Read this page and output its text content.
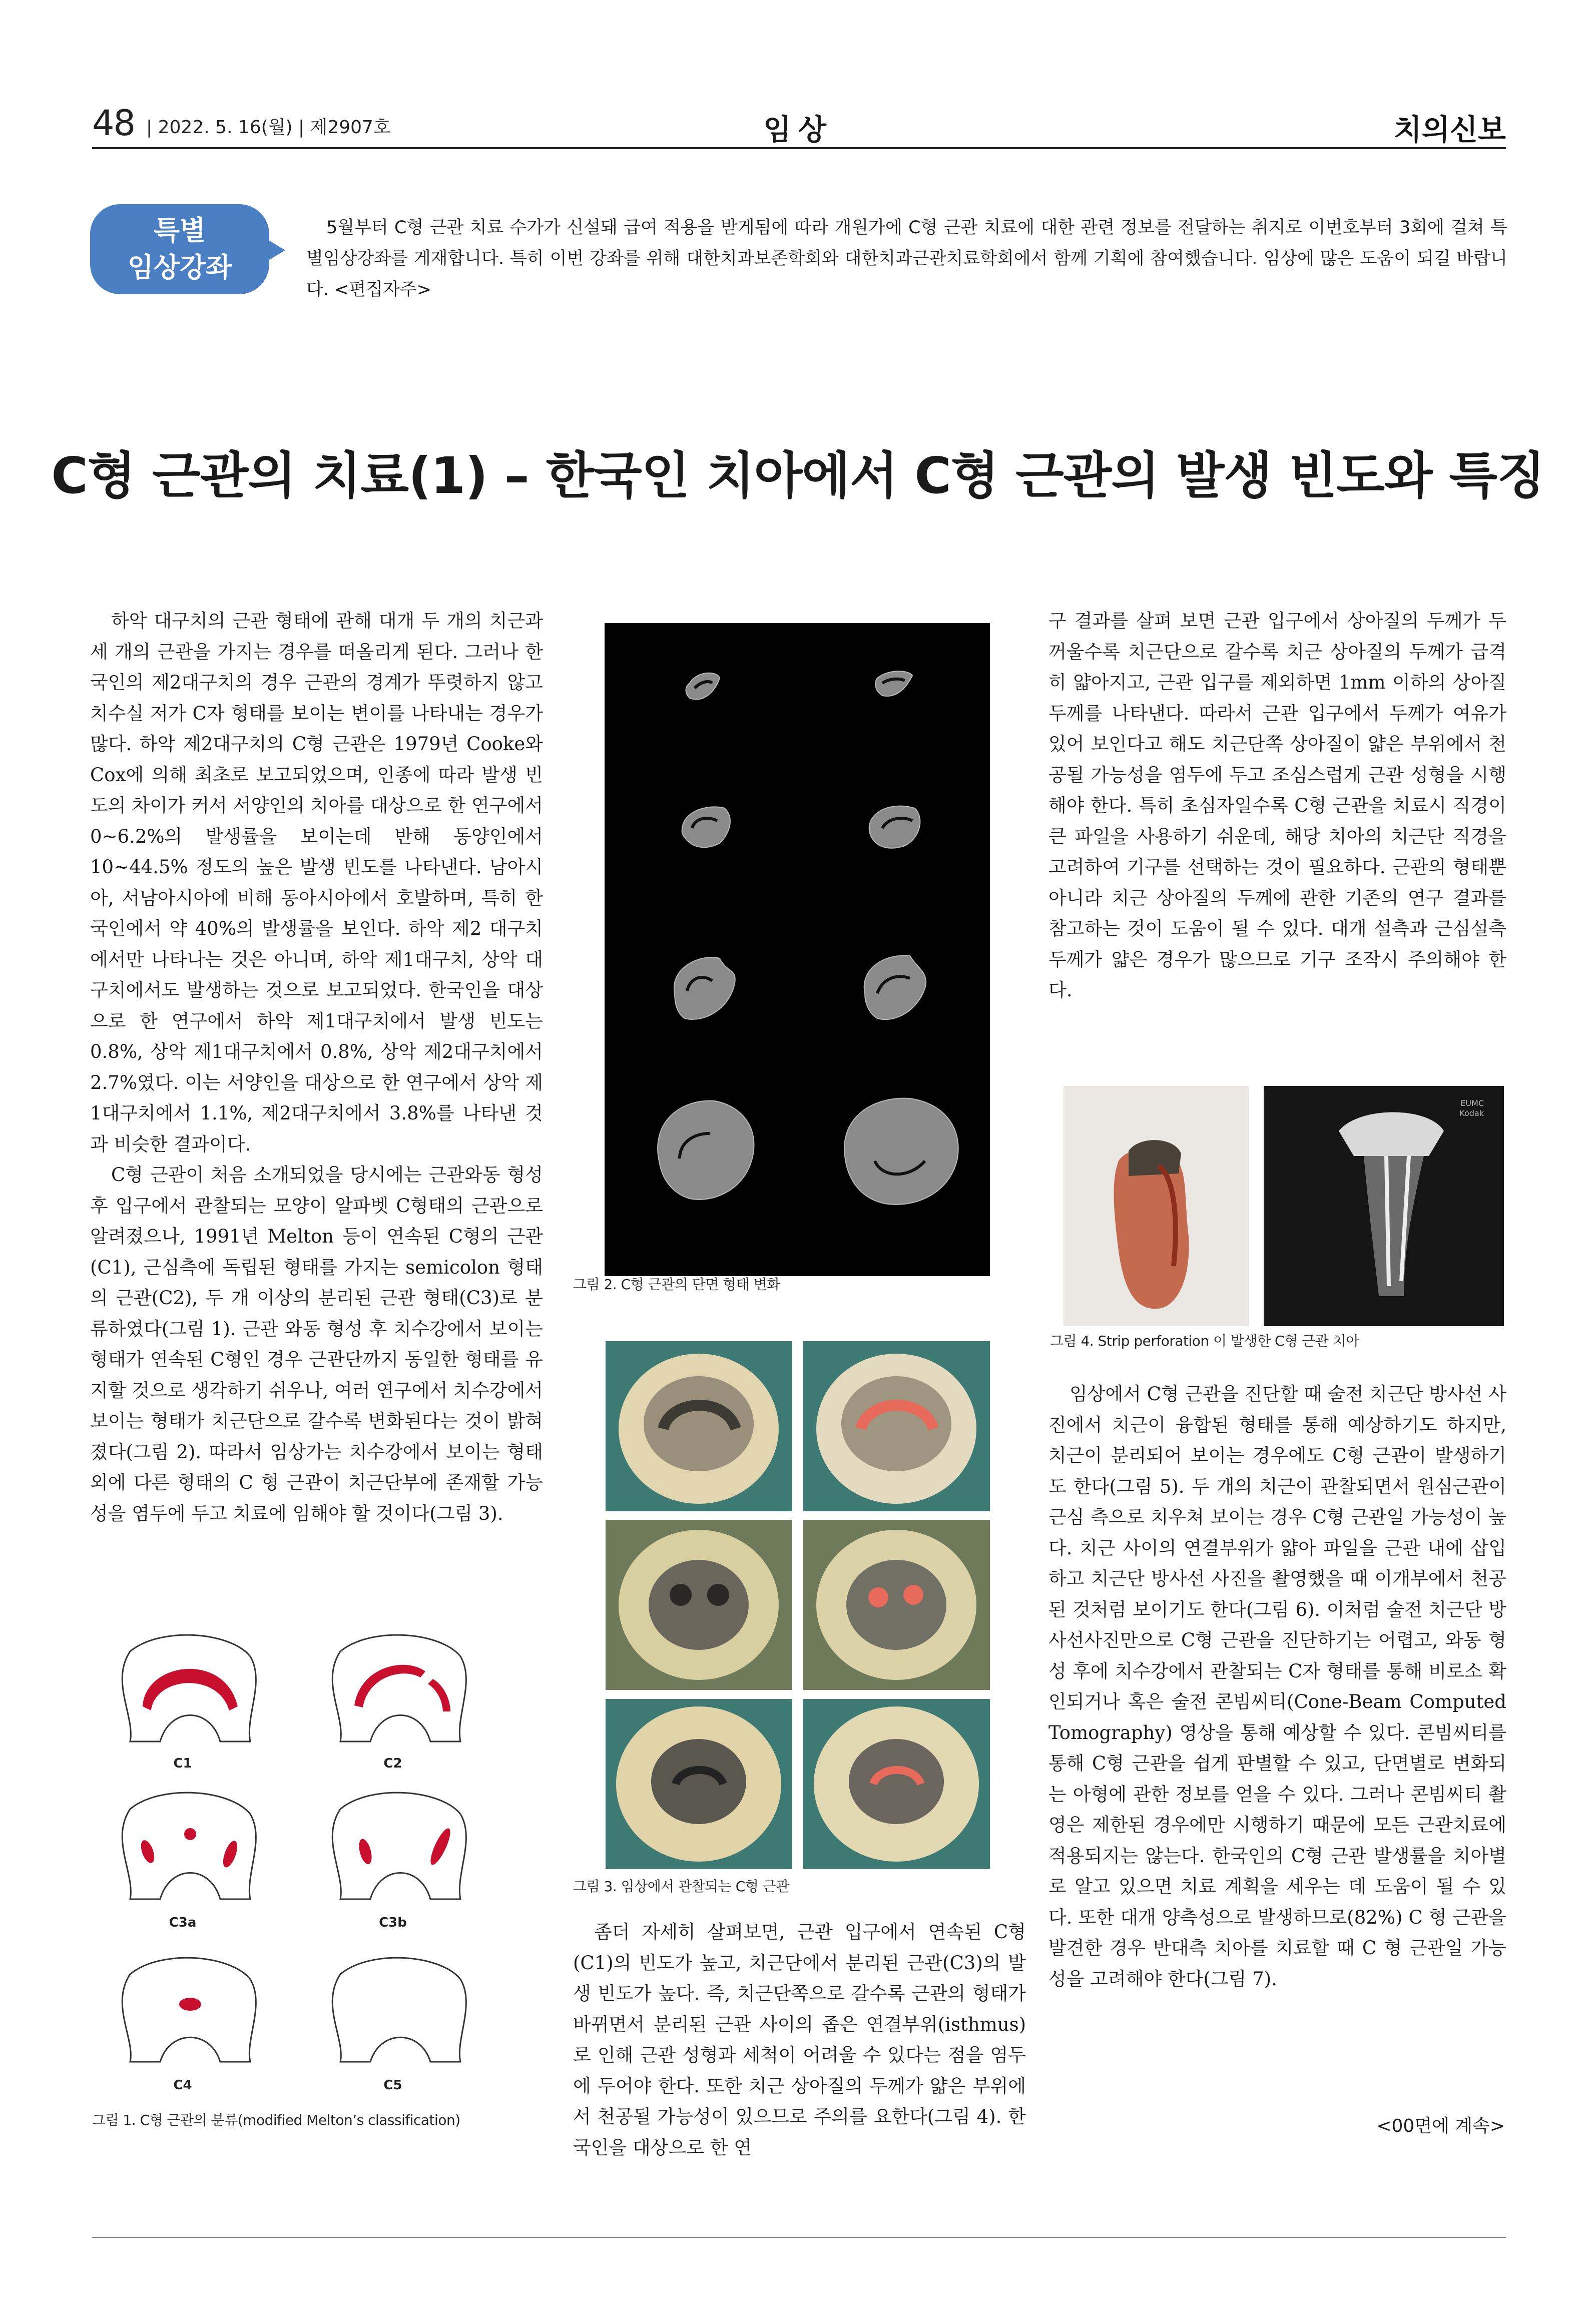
48 | 2022. 5. 16(월) | 제2907호	임상	치의신보
특별
임상강좌
5월부터 C형 근관 치료 수가가 신설돼 급여 적용을 받게됨에 따라 개원가에 C형 근관 치료에 대한 관련 정보를 전달하는 취지로 이번호부터 3회에 걸쳐 특별임상강좌를 게재합니다. 특히 이번 강좌를 위해 대한치과보존학회와 대한치과근관치료학회에서 함께 기획에 참여했습니다. 임상에 많은 도움이 되길 바랍니다. <편집자주>
C형 근관의 치료(1) – 한국인 치아에서 C형 근관의 발생 빈도와 특징

하악 대구치의 근관 형태에 관해 대개 두 개의 치근과 세 개의 근관을 가지는 경우를 떠올리게 된다. 그러나 한국인의 제2대구치의 경우 근관의 경계가 뚜렷하지 않고 치수실 저가 C자 형태를 보이는 변이를 나타내는 경우가 많다. 하악 제2대구치의 C형 근관은 1979년 Cooke와 Cox에 의해 최초로 보고되었으며, 인종에 따라 발생 빈도의 차이가 커서 서양인의 치아를 대상으로 한 연구에서 0~6.2%의 발생률을 보이는데 반해 동양인에서 10~44.5% 정도의 높은 발생 빈도를 나타낸다. 남아시아, 서남아시아에 비해 동아시아에서 호발하며, 특히 한국인에서 약 40%의 발생률을 보인다. 하악 제2 대구치에서만 나타나는 것은 아니며, 하악 제1대구치, 상악 대구치에서도 발생하는 것으로 보고되었다. 한국인을 대상으로 한 연구에서 하악 제1대구치에서 발생 빈도는 0.8%, 상악 제1대구치에서 0.8%, 상악 제2대구치에서 2.7%였다. 이는 서양인을 대상으로 한 연구에서 상악 제1대구치에서 1.1%, 제2대구치에서 3.8%를 나타낸 것과 비슷한 결과이다.

C형 근관이 처음 소개되었을 당시에는 근관와동 형성 후 입구에서 관찰되는 모양이 알파벳 C형태의 근관으로 알려졌으나, 1991년 Melton 등이 연속된 C형의 근관(C1), 근심측에 독립된 형태를 가지는 semicolon 형태의 근관(C2), 두 개 이상의 분리된 근관 형태(C3)로 분류하였다(그림 1). 근관 와동 형성 후 치수강에서 보이는 형태가 연속된 C형인 경우 근관단까지 동일한 형태를 유지할 것으로 생각하기 쉬우나, 여러 연구에서 치수강에서 보이는 형태가 치근단으로 갈수록 변화된다는 것이 밝혀졌다(그림 2). 따라서 임상가는 치수강에서 보이는 형태 외에 다른 형태의 C 형 근관이 치근단부에 존재할 가능성을 염두에 두고 치료에 임해야 할 것이다(그림 3).

C1	C2
C3a	C3b
C4	C5
그림 1. C형 근관의 분류(modified Melton’s classification)
그림 2. C형 근관의 단면 형태 변화
그림 3. 임상에서 관찰되는 C형 근관

좀더 자세히 살펴보면, 근관 입구에서 연속된 C형(C1)의 빈도가 높고, 치근단에서 분리된 근관(C3)의 발생 빈도가 높다. 즉, 치근단쪽으로 갈수록 근관의 형태가 바뀌면서 분리된 근관 사이의 좁은 연결부위(isthmus)로 인해 근관 성형과 세척이 어려울 수 있다는 점을 염두에 두어야 한다. 또한 치근 상아질의 두께가 얇은 부위에서 천공될 가능성이 있으므로 주의를 요한다(그림 4). 한국인을 대상으로 한 연

구 결과를 살펴 보면 근관 입구에서 상아질의 두께가 두꺼울수록 치근단으로 갈수록 치근 상아질의 두께가 급격히 얇아지고, 근관 입구를 제외하면 1mm 이하의 상아질 두께를 나타낸다. 따라서 근관 입구에서 두께가 여유가 있어 보인다고 해도 치근단쪽 상아질이 얇은 부위에서 천공될 가능성을 염두에 두고 조심스럽게 근관 성형을 시행해야 한다. 특히 초심자일수록 C형 근관을 치료시 직경이 큰 파일을 사용하기 쉬운데, 해당 치아의 치근단 직경을 고려하여 기구를 선택하는 것이 필요하다. 근관의 형태뿐 아니라 치근 상아질의 두께에 관한 기존의 연구 결과를 참고하는 것이 도움이 될 수 있다. 대개 설측과 근심설측 두께가 얇은 경우가 많으므로 기구 조작시 주의해야 한다.

EUMC
Kodak
그림 4. Strip perforation 이 발생한 C형 근관 치아

임상에서 C형 근관을 진단할 때 술전 치근단 방사선 사진에서 치근이 융합된 형태를 통해 예상하기도 하지만, 치근이 분리되어 보이는 경우에도 C형 근관이 발생하기도 한다(그림 5). 두 개의 치근이 관찰되면서 원심근관이 근심 측으로 치우쳐 보이는 경우 C형 근관일 가능성이 높다. 치근 사이의 연결부위가 얇아 파일을 근관 내에 삽입하고 치근단 방사선 사진을 촬영했을 때 이개부에서 천공된 것처럼 보이기도 한다(그림 6). 이처럼 술전 치근단 방사선사진만으로 C형 근관을 진단하기는 어렵고, 와동 형성 후에 치수강에서 관찰되는 C자 형태를 통해 비로소 확인되거나 혹은 술전 콘빔씨티(Cone-Beam Computed Tomography) 영상을 통해 예상할 수 있다. 콘빔씨티를 통해 C형 근관을 쉽게 판별할 수 있고, 단면별로 변화되는 아형에 관한 정보를 얻을 수 있다. 그러나 콘빔씨티 촬영은 제한된 경우에만 시행하기 때문에 모든 근관치료에 적용되지는 않는다. 한국인의 C형 근관 발생률을 치아별로 알고 있으면 치료 계획을 세우는 데 도움이 될 수 있다. 또한 대개 양측성으로 발생하므로(82%) C 형 근관을 발견한 경우 반대측 치아를 치료할 때 C 형 근관일 가능성을 고려해야 한다(그림 7).

<00면에 계속>
